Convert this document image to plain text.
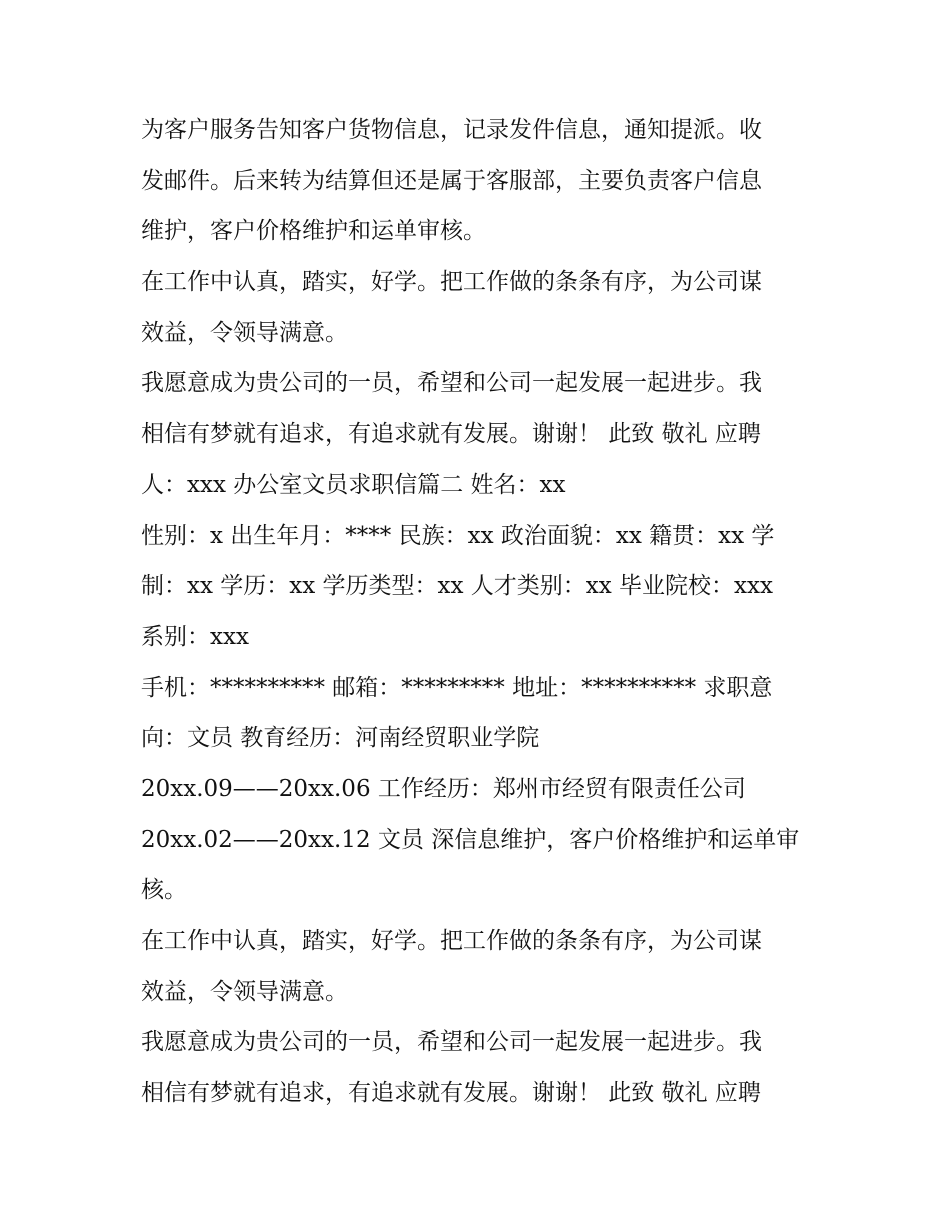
为客户服务告知客户货物信息，记录发件信息，通知提派。收
发邮件。后来转为结算但还是属于客服部，主要负责客户信息
维护，客户价格维护和运单审核。
在工作中认真，踏实，好学。把工作做的条条有序，为公司谋
效益，令领导满意。
我愿意成为贵公司的一员，希望和公司一起发展一起进步。我
相信有梦就有追求，有追求就有发展。谢谢！ 此致 敬礼 应聘
人：xxx 办公室文员求职信篇二 姓名：xx
性别：x 出生年月：**** 民族：xx 政治面貌：xx 籍贯：xx 学
制：xx 学历：xx 学历类型：xx 人才类别：xx 毕业院校：xxx
系别：xxx
手机：********** 邮箱：********* 地址：********** 求职意
向：文员 教育经历：河南经贸职业学院
20xx.09——20xx.06 工作经历：郑州市经贸有限责任公司
20xx.02——20xx.12 文员 深信息维护，客户价格维护和运单审
核。
在工作中认真，踏实，好学。把工作做的条条有序，为公司谋
效益，令领导满意。
我愿意成为贵公司的一员，希望和公司一起发展一起进步。我
相信有梦就有追求，有追求就有发展。谢谢！ 此致 敬礼 应聘
